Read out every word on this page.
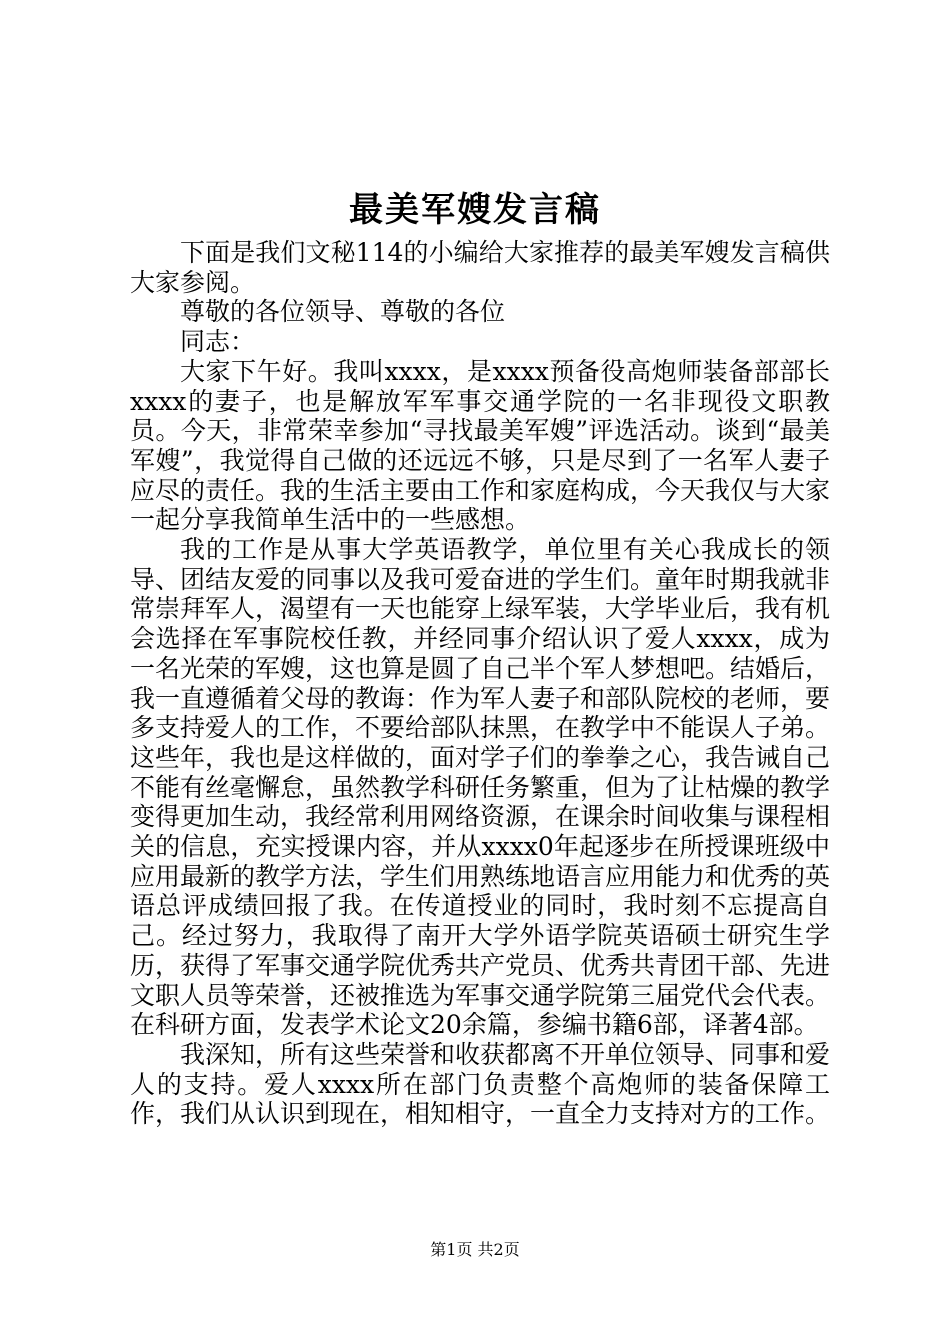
最美军嫂发言稿

下面是我们文秘114的小编给大家推荐的最美军嫂发言稿供大家参阅。

尊敬的各位领导、尊敬的各位

同志：

大家下午好。我叫xxxx，是xxxx预备役高炮师装备部部长xxxx的妻子，也是解放军军事交通学院的一名非现役文职教员。今天，非常荣幸参加“寻找最美军嫂”评选活动。谈到“最美军嫂”，我觉得自己做的还远远不够，只是尽到了一名军人妻子应尽的责任。我的生活主要由工作和家庭构成，今天我仅与大家一起分享我简单生活中的一些感想。

我的工作是从事大学英语教学，单位里有关心我成长的领导、团结友爱的同事以及我可爱奋进的学生们。童年时期我就非常崇拜军人，渴望有一天也能穿上绿军装，大学毕业后，我有机会选择在军事院校任教，并经同事介绍认识了爱人xxxx，成为一名光荣的军嫂，这也算是圆了自己半个军人梦想吧。结婚后，我一直遵循着父母的教诲：作为军人妻子和部队院校的老师，要多支持爱人的工作，不要给部队抹黑，在教学中不能误人子弟。这些年，我也是这样做的，面对学子们的拳拳之心，我告诫自己不能有丝毫懈怠，虽然教学科研任务繁重，但为了让枯燥的教学变得更加生动，我经常利用网络资源，在课余时间收集与课程相关的信息，充实授课内容，并从xxxx0年起逐步在所授课班级中应用最新的教学方法，学生们用熟练地语言应用能力和优秀的英语总评成绩回报了我。在传道授业的同时，我时刻不忘提高自己。经过努力，我取得了南开大学外语学院英语硕士研究生学历，获得了军事交通学院优秀共产党员、优秀共青团干部、先进文职人员等荣誉，还被推选为军事交通学院第三届党代会代表。在科研方面，发表学术论文20余篇，参编书籍6部，译著4部。

我深知，所有这些荣誉和收获都离不开单位领导、同事和爱人的支持。爱人xxxx所在部门负责整个高炮师的装备保障工作，我们从认识到现在，相知相守，一直全力支持对方的工作。

第1页 共2页
